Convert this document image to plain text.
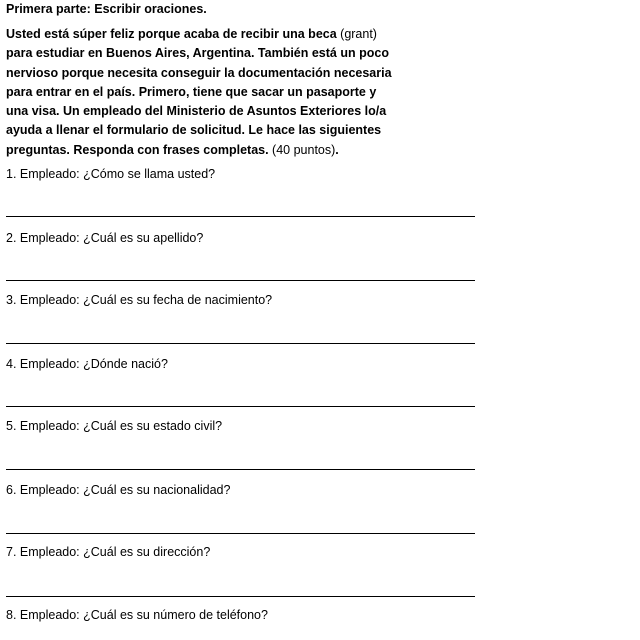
Primera parte: Escribir oraciones.
Usted está súper feliz porque acaba de recibir una beca (grant)
para estudiar en Buenos Aires, Argentina. También está un poco
nervioso porque necesita conseguir la documentación necesaria
para entrar en el país. Primero, tiene que sacar un pasaporte y
una visa. Un empleado del Ministerio de Asuntos Exteriores lo/a
ayuda a llenar el formulario de solicitud. Le hace las siguientes
preguntas. Responda con frases completas. (40 puntos).
1. Empleado: ¿Cómo se llama usted?
2. Empleado: ¿Cuál es su apellido?
3. Empleado: ¿Cuál es su fecha de nacimiento?
4. Empleado: ¿Dónde nació?
5. Empleado: ¿Cuál es su estado civil?
6. Empleado: ¿Cuál es su nacionalidad?
7. Empleado: ¿Cuál es su dirección?
8. Empleado: ¿Cuál es su número de teléfono?
